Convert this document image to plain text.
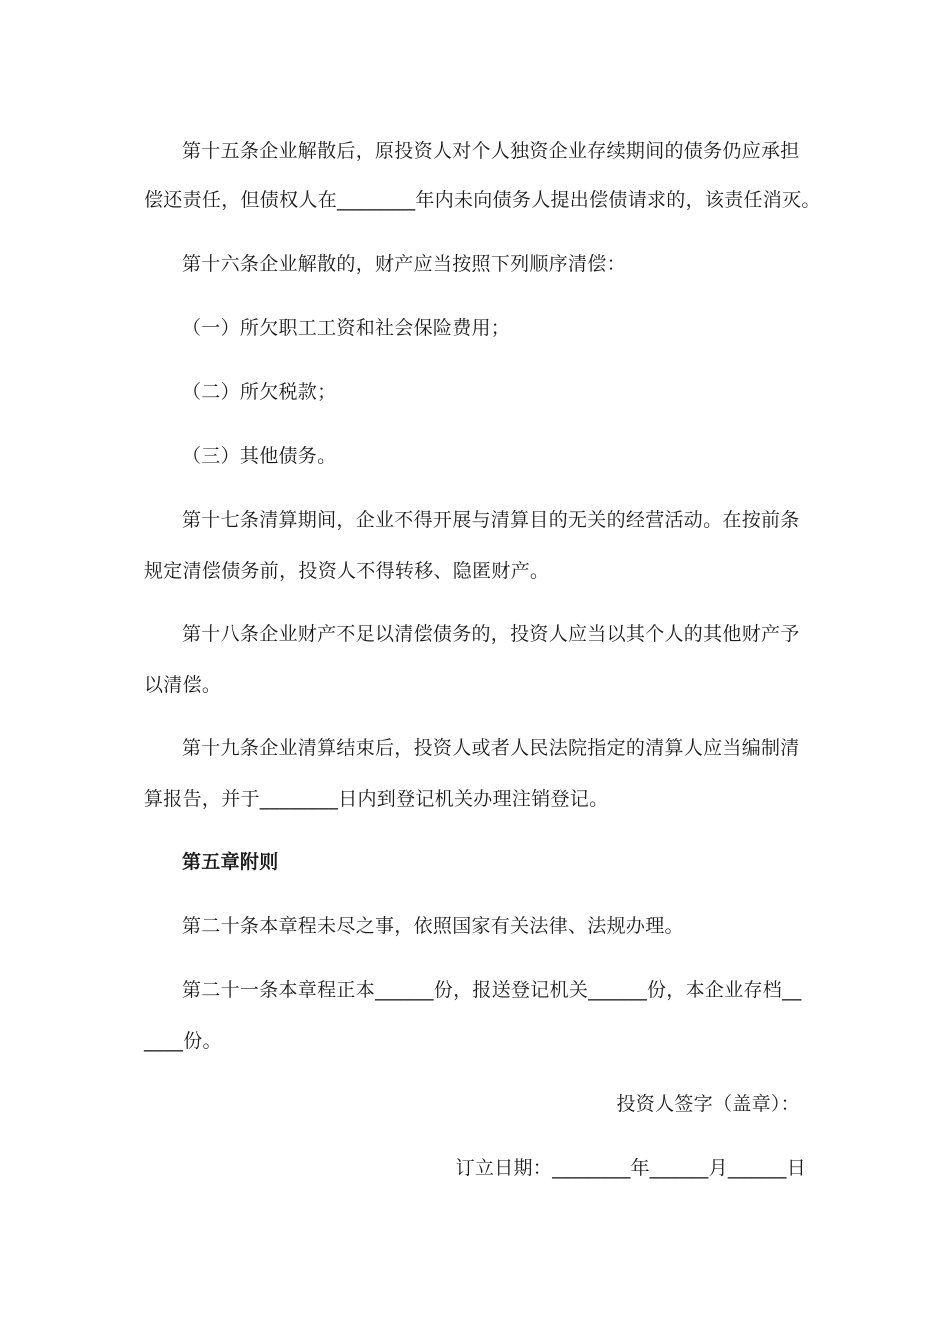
第十五条企业解散后，原投资人对个人独资企业存续期间的债务仍应承担
偿还责任，但债权人在________年内未向债务人提出偿债请求的，该责任消灭。
第十六条企业解散的，财产应当按照下列顺序清偿：
（一）所欠职工工资和社会保险费用；
（二）所欠税款；
（三）其他债务。
第十七条清算期间，企业不得开展与清算目的无关的经营活动。在按前条
规定清偿债务前，投资人不得转移、隐匿财产。
第十八条企业财产不足以清偿债务的，投资人应当以其个人的其他财产予
以清偿。
第十九条企业清算结束后，投资人或者人民法院指定的清算人应当编制清
算报告，并于________日内到登记机关办理注销登记。
第五章附则
第二十条本章程未尽之事，依照国家有关法律、法规办理。
第二十一条本章程正本______份，报送登记机关______份，本企业存档__
____份。
投资人签字（盖章）：
订立日期：________年______月______日
